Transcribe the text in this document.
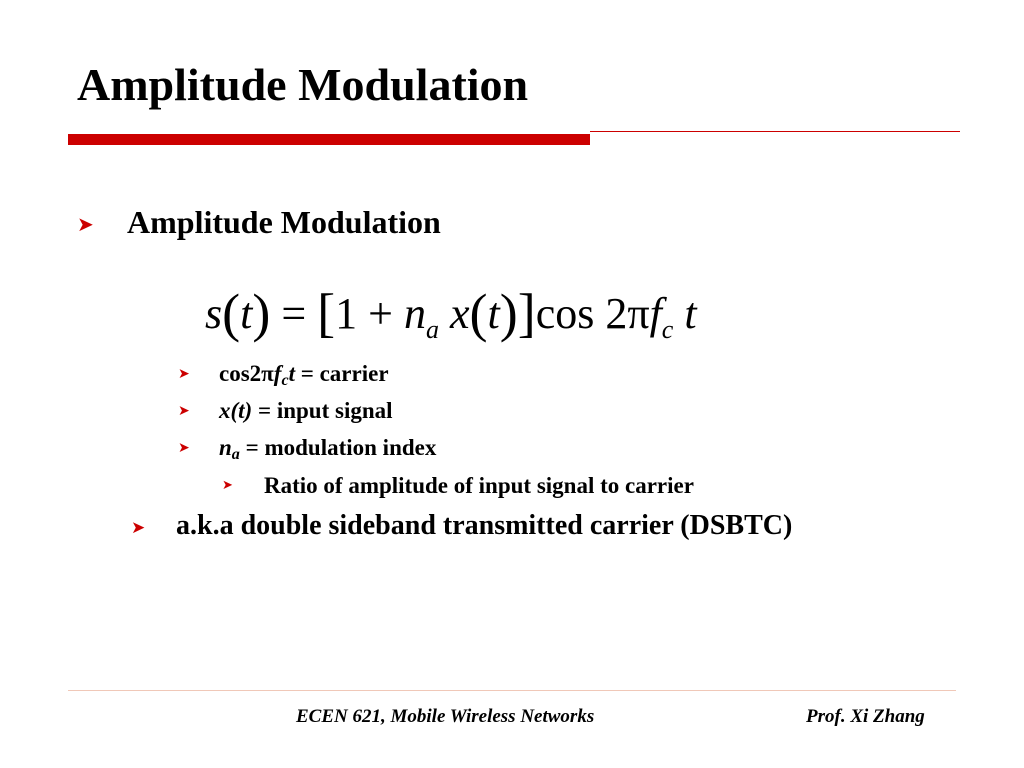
Amplitude Modulation
➤ Amplitude Modulation
$s(t) = [1 + n_a$ x(t)]cos $2\pi f_c$ t
➤ $\cos 2\pi f_ct$ = carrier
➤ x(t) = input signal
➤ $n_a$ = modulation index
➤ Ratio of amplitude of input signal to carrier
➤ a.k.a double sideband transmitted carrier (DSBTC)
ECEN 621, Mobile Wireless Networks	Prof. Xi Zhang
